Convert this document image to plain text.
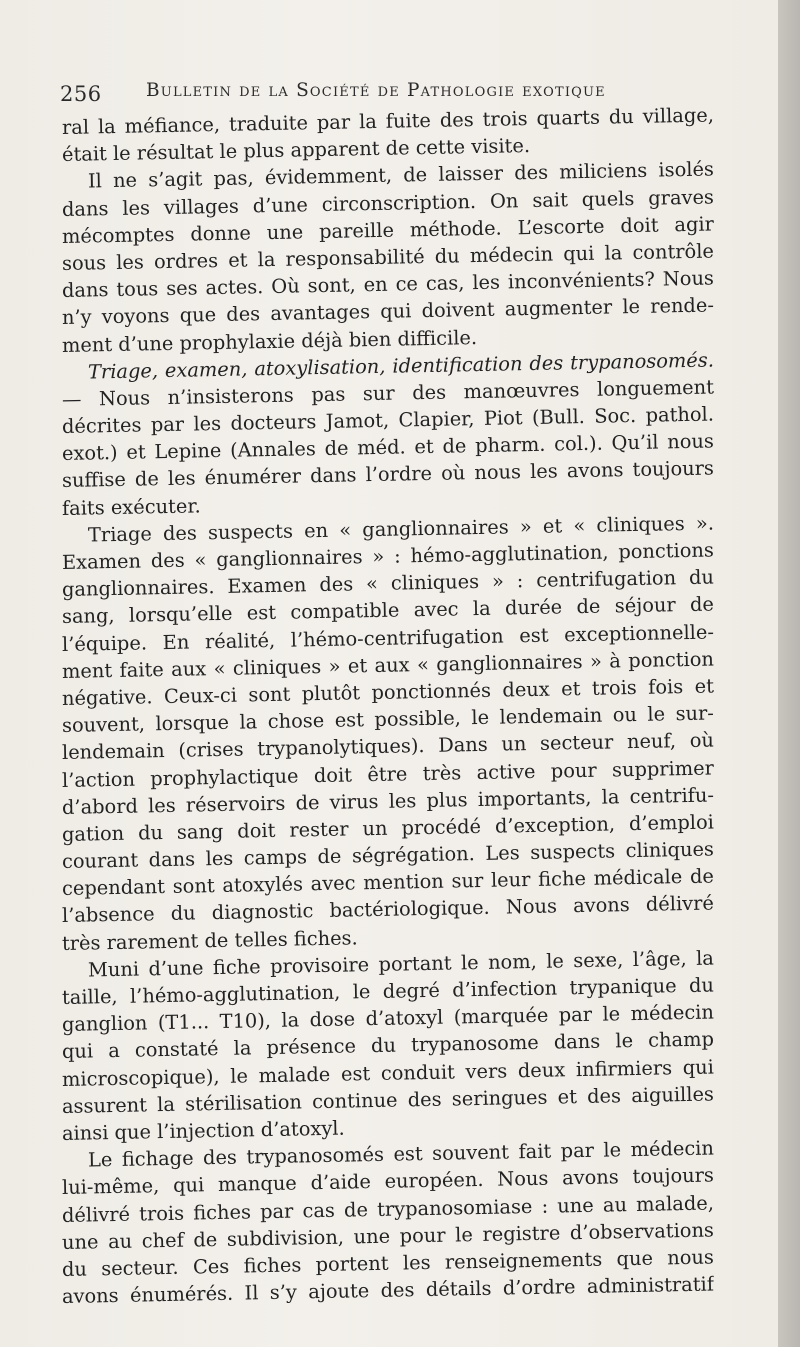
256 Bulletin de la Société de Pathologie exotique
ral la méfiance, traduite par la fuite des trois quarts du village,
était le résultat le plus apparent de cette visite.
Il ne s’agit pas, évidemment, de laisser des miliciens isolés
dans les villages d’une circonscription. On sait quels graves
mécomptes donne une pareille méthode. L’escorte doit agir
sous les ordres et la responsabilité du médecin qui la contrôle
dans tous ses actes. Où sont, en ce cas, les inconvénients? Nous
n’y voyons que des avantages qui doivent augmenter le rende-
ment d’une prophylaxie déjà bien difficile.
Triage, examen, atoxylisation, identification des trypanosomés.
— Nous n’insisterons pas sur des manœuvres longuement
décrites par les docteurs Jamot, Clapier, Piot (Bull. Soc. pathol.
exot.) et Lepine (Annales de méd. et de pharm. col.). Qu’il nous
suffise de les énumérer dans l’ordre où nous les avons toujours
faits exécuter.
Triage des suspects en « ganglionnaires » et « cliniques ».
Examen des « ganglionnaires » : hémo-agglutination, ponctions
ganglionnaires. Examen des « cliniques » : centrifugation du
sang, lorsqu’elle est compatible avec la durée de séjour de
l’équipe. En réalité, l’hémo-centrifugation est exceptionnelle-
ment faite aux « cliniques » et aux « ganglionnaires » à ponction
négative. Ceux-ci sont plutôt ponctionnés deux et trois fois et
souvent, lorsque la chose est possible, le lendemain ou le sur-
lendemain (crises trypanolytiques). Dans un secteur neuf, où
l’action prophylactique doit être très active pour supprimer
d’abord les réservoirs de virus les plus importants, la centrifu-
gation du sang doit rester un procédé d’exception, d’emploi
courant dans les camps de ségrégation. Les suspects cliniques
cependant sont atoxylés avec mention sur leur fiche médicale de
l’absence du diagnostic bactériologique. Nous avons délivré
très rarement de telles fiches.
Muni d’une fiche provisoire portant le nom, le sexe, l’âge, la
taille, l’hémo-agglutination, le degré d’infection trypanique du
ganglion (T1... T10), la dose d’atoxyl (marquée par le médecin
qui a constaté la présence du trypanosome dans le champ
microscopique), le malade est conduit vers deux infirmiers qui
assurent la stérilisation continue des seringues et des aiguilles
ainsi que l’injection d’atoxyl.
Le fichage des trypanosomés est souvent fait par le médecin
lui-même, qui manque d’aide européen. Nous avons toujours
délivré trois fiches par cas de trypanosomiase : une au malade,
une au chef de subdivision, une pour le registre d’observations
du secteur. Ces fiches portent les renseignements que nous
avons énumérés. Il s’y ajoute des détails d’ordre administratif
